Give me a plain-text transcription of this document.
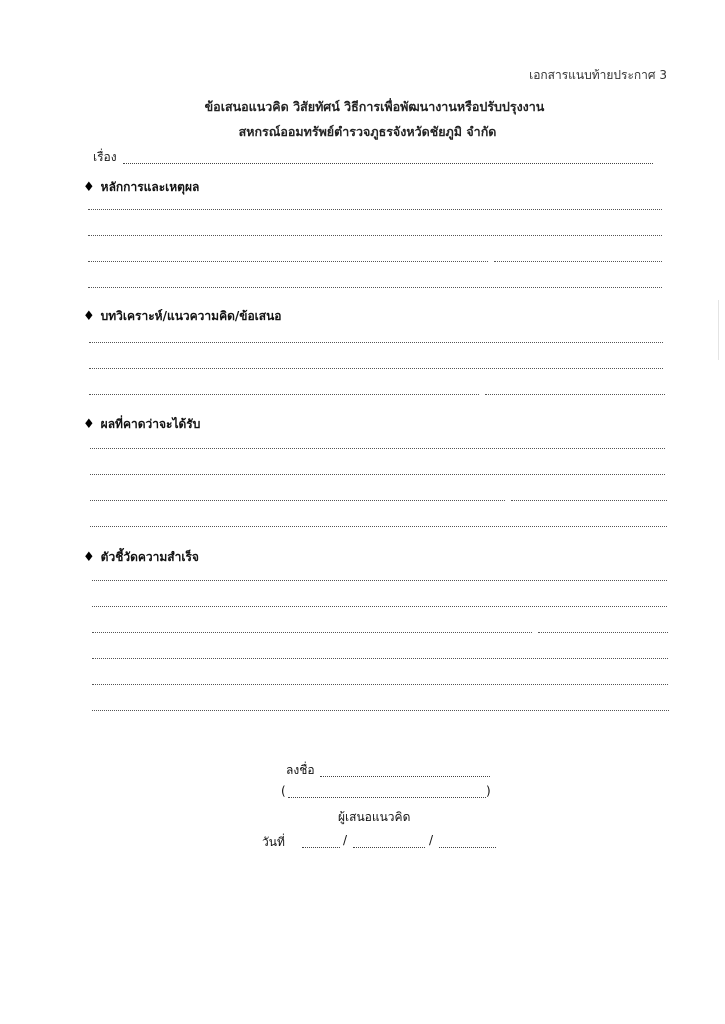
เอกสารแนบท้ายประกาศ 3
ข้อเสนอแนวคิด วิสัยทัศน์ วิธีการเพื่อพัฒนางานหรือปรับปรุงงาน
สหกรณ์ออมทรัพย์ตำรวจภูธรจังหวัดชัยภูมิ จำกัด
เรื่อง
♦ หลักการและเหตุผล
♦ บทวิเคราะห์/แนวความคิด/ข้อเสนอ
♦ ผลที่คาดว่าจะได้รับ
♦ ตัวชี้วัดความสำเร็จ
ลงชื่อ
(	)
ผู้เสนอแนวคิด
วันที่	/	/
